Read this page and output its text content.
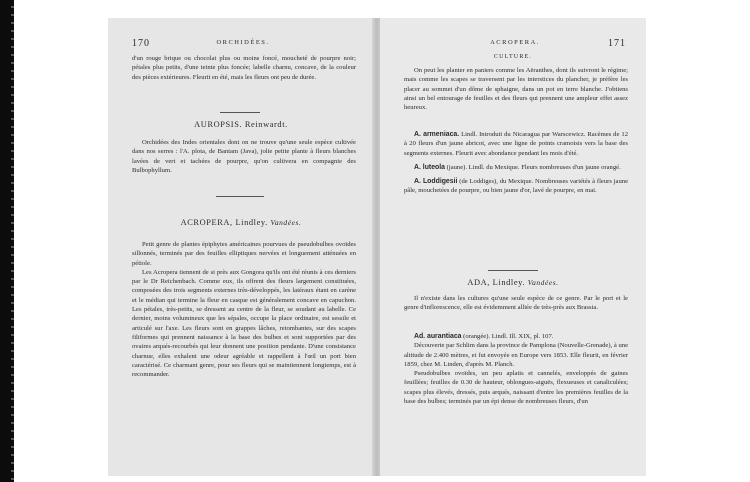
170	ORCHIDÉES.

d'un rouge brique ou chocolat plus ou moins foncé, moucheté de pourpre noir; pétales plus petits, d'une teinte plus foncée; labelle charnu, concave, de la couleur des pièces extérieures. Fleurit en été, mais les fleurs ont peu de durée.

AUROPSIS. Reinwardt.

Orchidées des Indes orientales dont on ne trouve qu'une seule espèce cultivée dans nos serres : l'A. plota, de Bantam (Java), jolie petite plante à fleurs blanches lavées de vert et tachées de pourpre, qu'on cultivera en compagnie des Bulbophyllum.

ACROPERA, Lindley. Vandées.

Petit genre de plantes épiphytes américaines pourvues de pseudobulbes ovoïdes sillonnés, terminés par des feuilles elliptiques nervées et longuement atténuées en pétiole.

Les Acropera tiennent de si près aux Gongora qu'ils ont été réunis à ces derniers par le Dr Reichenbach. Comme eux, ils offrent des fleurs largement constituées, composées des trois segments externes très-développés, les latéraux étant en carène et le médian qui termine la fleur en casque est généralement concave en capuchon. Les pétales, très-petits, se dressent au centre de la fleur, se soudant au labelle. Ce dernier, moins volumineux que les sépales, occupe la place ordinaire, est sessile et articulé sur l'axe. Les fleurs sont en grappes lâches, retombantes, sur des scapes filiformes qui prennent naissance à la base des bulbes et sont supportées par des ovaires arqués-recourbés qui leur donnent une position pendante. D'une consistance charnue, elles exhalent une odeur agréable et rappellent à l'œil un port bien caractérisé. Ce charmant genre, pour ses fleurs qui se maintiennent longtemps, est à recommander.

ACROPERA.	171
CULTURE.

On peut les planter en paniers comme les Aëranthes, dont ils suivront le régime; mais comme les scapes se traversent par les interstices du plancher, je préfère les placer au sommet d'un dôme de sphaigne, dans un pot en terre blanche. J'obtiens ainsi un bel entourage de feuilles et des fleurs qui prennent une ampleur effet assez heureux.

A. armeniaca. Lindl. Introduit du Nicaragua par Warscewicz. Racèmes de 12 à 20 fleurs d'un jaune abricot, avec une ligne de points cramoisis vers la base des segments externes. Fleurit avec abondance pendant les mois d'été.

A. luteola (jaune). Lindl. du Mexique. Fleurs nombreuses d'un jaune orangé.

A. Loddigesii (de Loddiges), du Mexique. Nombreuses variétés à fleurs jaune pâle, mouchetées de pourpre, ou bien jaune d'or, lavé de pourpre, en mai.

ADA, Lindley. Vandées.

Il n'existe dans les cultures qu'une seule espèce de ce genre. Par le port et le genre d'inflorescence, elle est évidemment alliée de très-près aux Brassia.

Ad. aurantiaca (orangée). Lindl. Ill. XIX, pl. 107.

Découverte par Schlim dans la province de Pamplona (Nouvelle-Grenade), à une altitude de 2.400 mètres, et fut envoyée en Europe vers 1853. Elle fleurit, en février 1859, chez M. Linden, d'après M. Planch.

Pseudobulbes ovoïdes, un peu aplatis et cannelés, enveloppés de gaines feuillées; feuilles de 0.30 de hauteur, oblongues-aiguës, flexueuses et canaliculées; scapes plus élevés, dressés, puis arqués, naissant d'entre les premières feuilles de la base des bulbes; terminés par un épi dense de nombreuses fleurs, d'un
